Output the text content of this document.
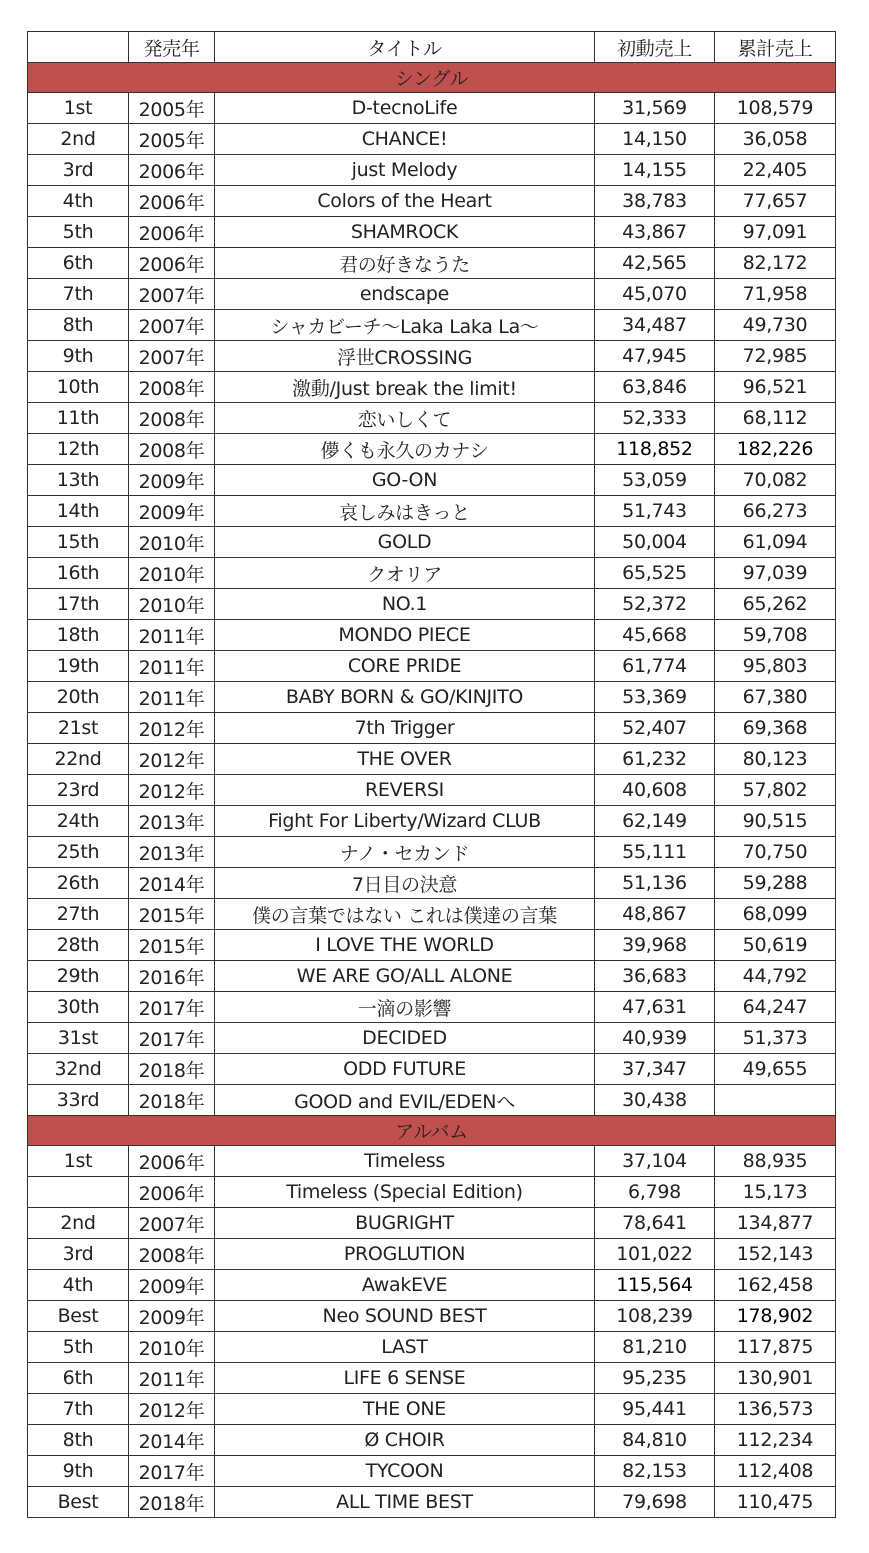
	発売年	タイトル	初動売上	累計売上
シングル				
1st	2005年	D-tecnoLife	31,569	108,579
2nd	2005年	CHANCE!	14,150	36,058
3rd	2006年	just Melody	14,155	22,405
4th	2006年	Colors of the Heart	38,783	77,657
5th	2006年	SHAMROCK	43,867	97,091
6th	2006年	君の好きなうた	42,565	82,172
7th	2007年	endscape	45,070	71,958
8th	2007年	シャカビーチ〜Laka Laka La〜	34,487	49,730
9th	2007年	浮世CROSSING	47,945	72,985
10th	2008年	激動/Just break the limit!	63,846	96,521
11th	2008年	恋いしくて	52,333	68,112
12th	2008年	儚くも永久のカナシ	118,852	182,226
13th	2009年	GO-ON	53,059	70,082
14th	2009年	哀しみはきっと	51,743	66,273
15th	2010年	GOLD	50,004	61,094
16th	2010年	クオリア	65,525	97,039
17th	2010年	NO.1	52,372	65,262
18th	2011年	MONDO PIECE	45,668	59,708
19th	2011年	CORE PRIDE	61,774	95,803
20th	2011年	BABY BORN & GO/KINJITO	53,369	67,380
21st	2012年	7th Trigger	52,407	69,368
22nd	2012年	THE OVER	61,232	80,123
23rd	2012年	REVERSI	40,608	57,802
24th	2013年	Fight For Liberty/Wizard CLUB	62,149	90,515
25th	2013年	ナノ・セカンド	55,111	70,750
26th	2014年	7日目の決意	51,136	59,288
27th	2015年	僕の言葉ではない これは僕達の言葉	48,867	68,099
28th	2015年	I LOVE THE WORLD	39,968	50,619
29th	2016年	WE ARE GO/ALL ALONE	36,683	44,792
30th	2017年	一滴の影響	47,631	64,247
31st	2017年	DECIDED	40,939	51,373
32nd	2018年	ODD FUTURE	37,347	49,655
33rd	2018年	GOOD and EVIL/EDENへ	30,438	
アルバム				
1st	2006年	Timeless	37,104	88,935
	2006年	Timeless (Special Edition)	6,798	15,173
2nd	2007年	BUGRIGHT	78,641	134,877
3rd	2008年	PROGLUTION	101,022	152,143
4th	2009年	AwakEVE	115,564	162,458
Best	2009年	Neo SOUND BEST	108,239	178,902
5th	2010年	LAST	81,210	117,875
6th	2011年	LIFE 6 SENSE	95,235	130,901
7th	2012年	THE ONE	95,441	136,573
8th	2014年	Ø CHOIR	84,810	112,234
9th	2017年	TYCOON	82,153	112,408
Best	2018年	ALL TIME BEST	79,698	110,475
